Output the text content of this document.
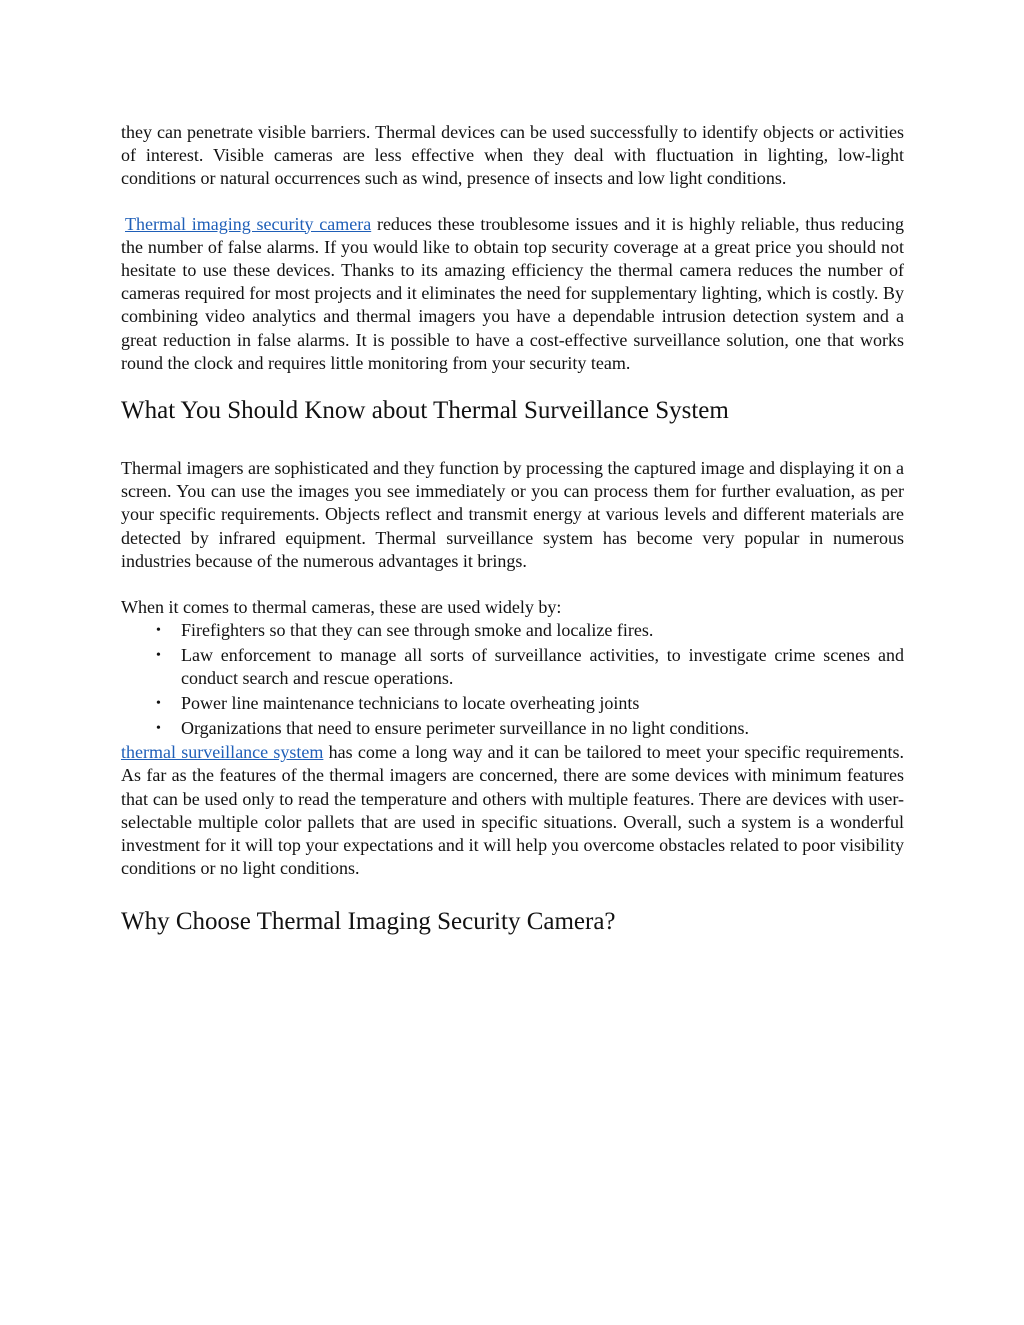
they can penetrate visible barriers. Thermal devices can be used successfully to identify objects or activities of interest. Visible cameras are less effective when they deal with fluctuation in lighting, low-light conditions or natural occurrences such as wind, presence of insects and low light conditions.

Thermal imaging security camera reduces these troublesome issues and it is highly reliable, thus reducing the number of false alarms. If you would like to obtain top security coverage at a great price you should not hesitate to use these devices. Thanks to its amazing efficiency the thermal camera reduces the number of cameras required for most projects and it eliminates the need for supplementary lighting, which is costly. By combining video analytics and thermal imagers you have a dependable intrusion detection system and a great reduction in false alarms. It is possible to have a cost-effective surveillance solution, one that works round the clock and requires little monitoring from your security team.

What You Should Know about Thermal Surveillance System

Thermal imagers are sophisticated and they function by processing the captured image and displaying it on a screen. You can use the images you see immediately or you can process them for further evaluation, as per your specific requirements. Objects reflect and transmit energy at various levels and different materials are detected by infrared equipment. Thermal surveillance system has become very popular in numerous industries because of the numerous advantages it brings.

When it comes to thermal cameras, these are used widely by:

• Firefighters so that they can see through smoke and localize fires.
• Law enforcement to manage all sorts of surveillance activities, to investigate crime scenes and conduct search and rescue operations.
• Power line maintenance technicians to locate overheating joints
• Organizations that need to ensure perimeter surveillance in no light conditions.

thermal surveillance system has come a long way and it can be tailored to meet your specific requirements. As far as the features of the thermal imagers are concerned, there are some devices with minimum features that can be used only to read the temperature and others with multiple features. There are devices with user-selectable multiple color pallets that are used in specific situations. Overall, such a system is a wonderful investment for it will top your expectations and it will help you overcome obstacles related to poor visibility conditions or no light conditions.

Why Choose Thermal Imaging Security Camera?
